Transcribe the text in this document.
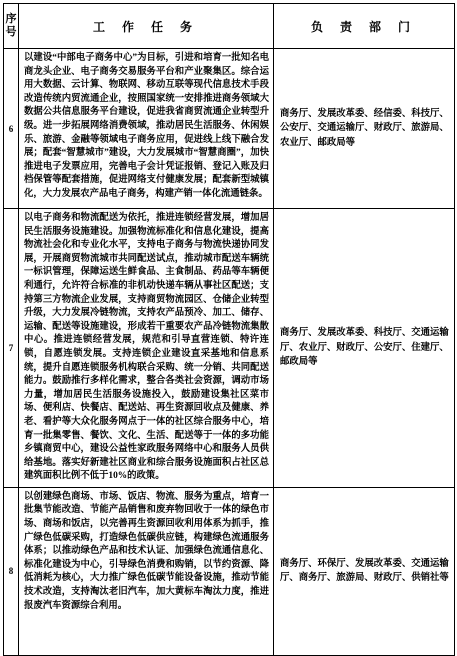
序号	工 作 任 务	负 责 部 门
6	以建设“中部电子商务中心”为目标，引进和培育一批知名电商龙头企业、电子商务交易服务平台和产业聚集区。综合运用大数据、云计算、物联网、移动互联等现代信息技术手段改造传统内贸流通企业，按照国家统一安排推进商务领域大数据公共信息服务平台建设，促进我省商贸流通企业转型升级。进一步拓展网络消费领域，推动居民生活服务、休闲娱乐、旅游、金融等领域电子商务应用，促进线上线下融合发展；配套“智慧城市”建设，大力发展城市“智慧商圈”，加快推进电子发票应用，完善电子会计凭证报销、登记入账及归档保管等配套措施，促进网络支付健康发展；配套新型城镇化，大力发展农产品电子商务，构建产销一体化流通链条。	商务厅、发展改革委、经信委、科技厅、公安厅、交通运输厅、财政厅、旅游局、农业厅、邮政局等
7	以电子商务和物流配送为依托，推进连锁经营发展，增加居民生活服务设施建设。加强物流标准化和信息化建设，提高物流社会化和专业化水平，支持电子商务与物流快递协同发展，开展商贸物流城市共同配送试点，推动城市配送车辆统一标识管理，保障运送生鲜食品、主食制品、药品等车辆便利通行，允许符合标准的非机动快递车辆从事社区配送；支持第三方物流企业发展，支持商贸物流园区、仓储企业转型升级，大力发展冷链物流，支持农产品预冷、加工、储存、运输、配送等设施建设，形成若干重要农产品冷链物流集散中心。推进连锁经营发展，规范和引导直营连锁、特许连锁，自愿连锁发展。支持连锁企业建设直采基地和信息系统，提升自愿连锁服务机构联合采购、统一分销、共同配送能力。鼓励推行多样化需求，整合各类社会资源，调动市场力量，增加居民生活服务设施投入，鼓励建设集社区菜市场、便利店、快餐店、配送站、再生资源回收点及健康、养老、看护等大众化服务网点于一体的社区综合服务中心，培育一批集零售、餐饮、文化、生活、配送等于一体的多功能乡镇商贸中心，建设公益性家政服务网络中心和服务人员供给基地。落实好新建社区商业和综合服务设施面积占社区总建筑面积比例不低于10%的政策。	商务厅、发展改革委、科技厅、交通运输厅、农业厅、财政厅、公安厅、住建厅、邮政局等
8	以创建绿色商场、市场、饭店、物流、服务为重点，培育一批集节能改造、节能产品销售和废弃物回收于一体的绿色市场、商场和饭店，以完善再生资源回收利用体系为抓手，推广绿色低碳采购，打造绿色低碳供应链，构建绿色流通服务体系；以推动绿色产品和技术认证、加强绿色流通信息化、标准化建设为中心，引导绿色消费和购销，以节约资源、降低消耗为核心，大力推广绿色低碳节能设备设施，推动节能技术改造，支持淘汰老旧汽车，加大黄标车淘汰力度，推进报废汽车资源综合利用。	商务厅、环保厅、发展改革委、交通运输厅、商务厅、旅游局、财政厅、供销社等
